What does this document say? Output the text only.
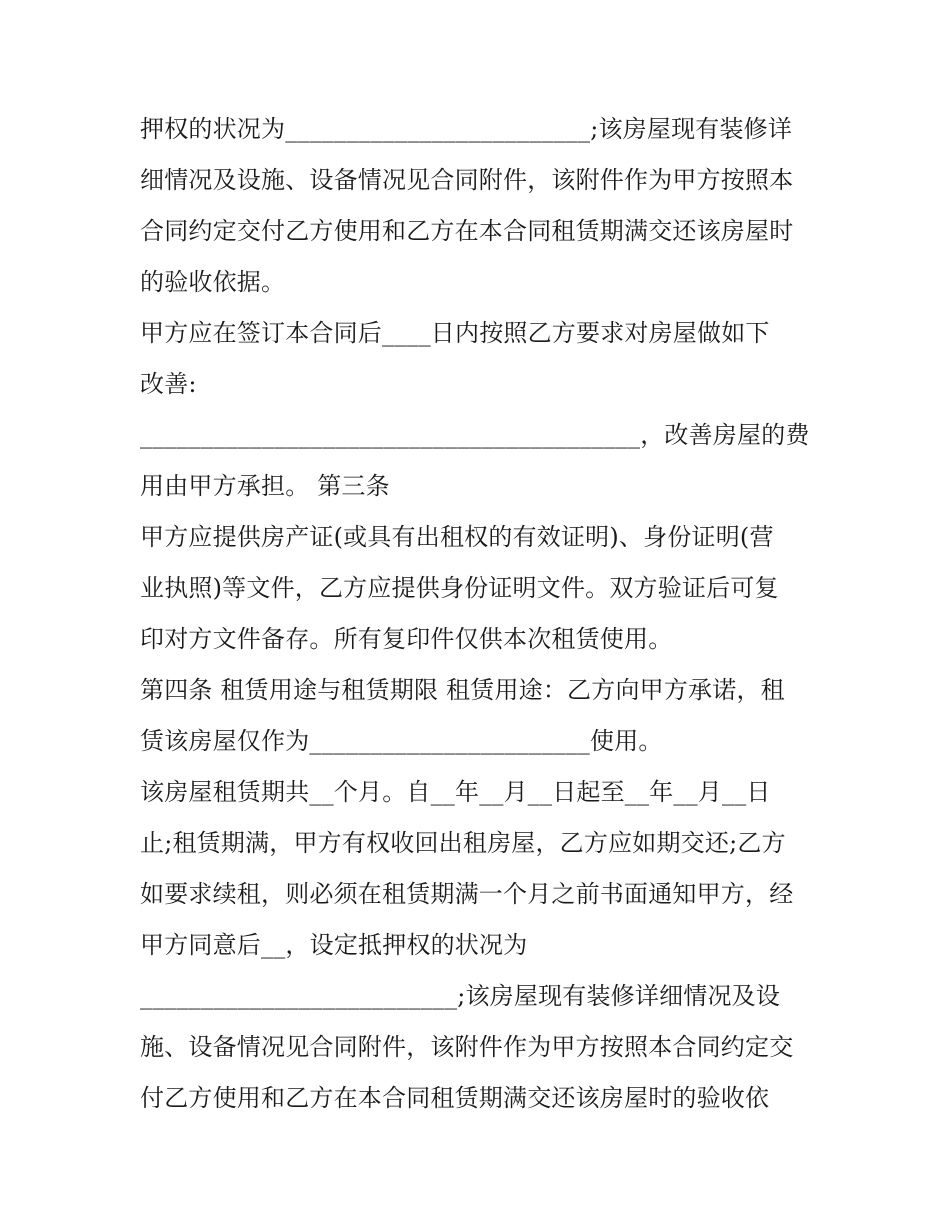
押权的状况为_________________________;该房屋现有装修详
细情况及设施、设备情况见合同附件，该附件作为甲方按照本
合同约定交付乙方使用和乙方在本合同租赁期满交还该房屋时
的验收依据。
甲方应在签订本合同后____日内按照乙方要求对房屋做如下
改善:
_________________________________________，改善房屋的费
用由甲方承担。 第三条
甲方应提供房产证(或具有出租权的有效证明)、身份证明(营
业执照)等文件，乙方应提供身份证明文件。双方验证后可复
印对方文件备存。所有复印件仅供本次租赁使用。
第四条 租赁用途与租赁期限 租赁用途：乙方向甲方承诺，租
赁该房屋仅作为_______________________使用。
该房屋租赁期共__个月。自__年__月__日起至__年__月__日
止;租赁期满，甲方有权收回出租房屋，乙方应如期交还;乙方
如要求续租，则必须在租赁期满一个月之前书面通知甲方，经
甲方同意后__，设定抵押权的状况为
__________________________;该房屋现有装修详细情况及设
施、设备情况见合同附件，该附件作为甲方按照本合同约定交
付乙方使用和乙方在本合同租赁期满交还该房屋时的验收依
